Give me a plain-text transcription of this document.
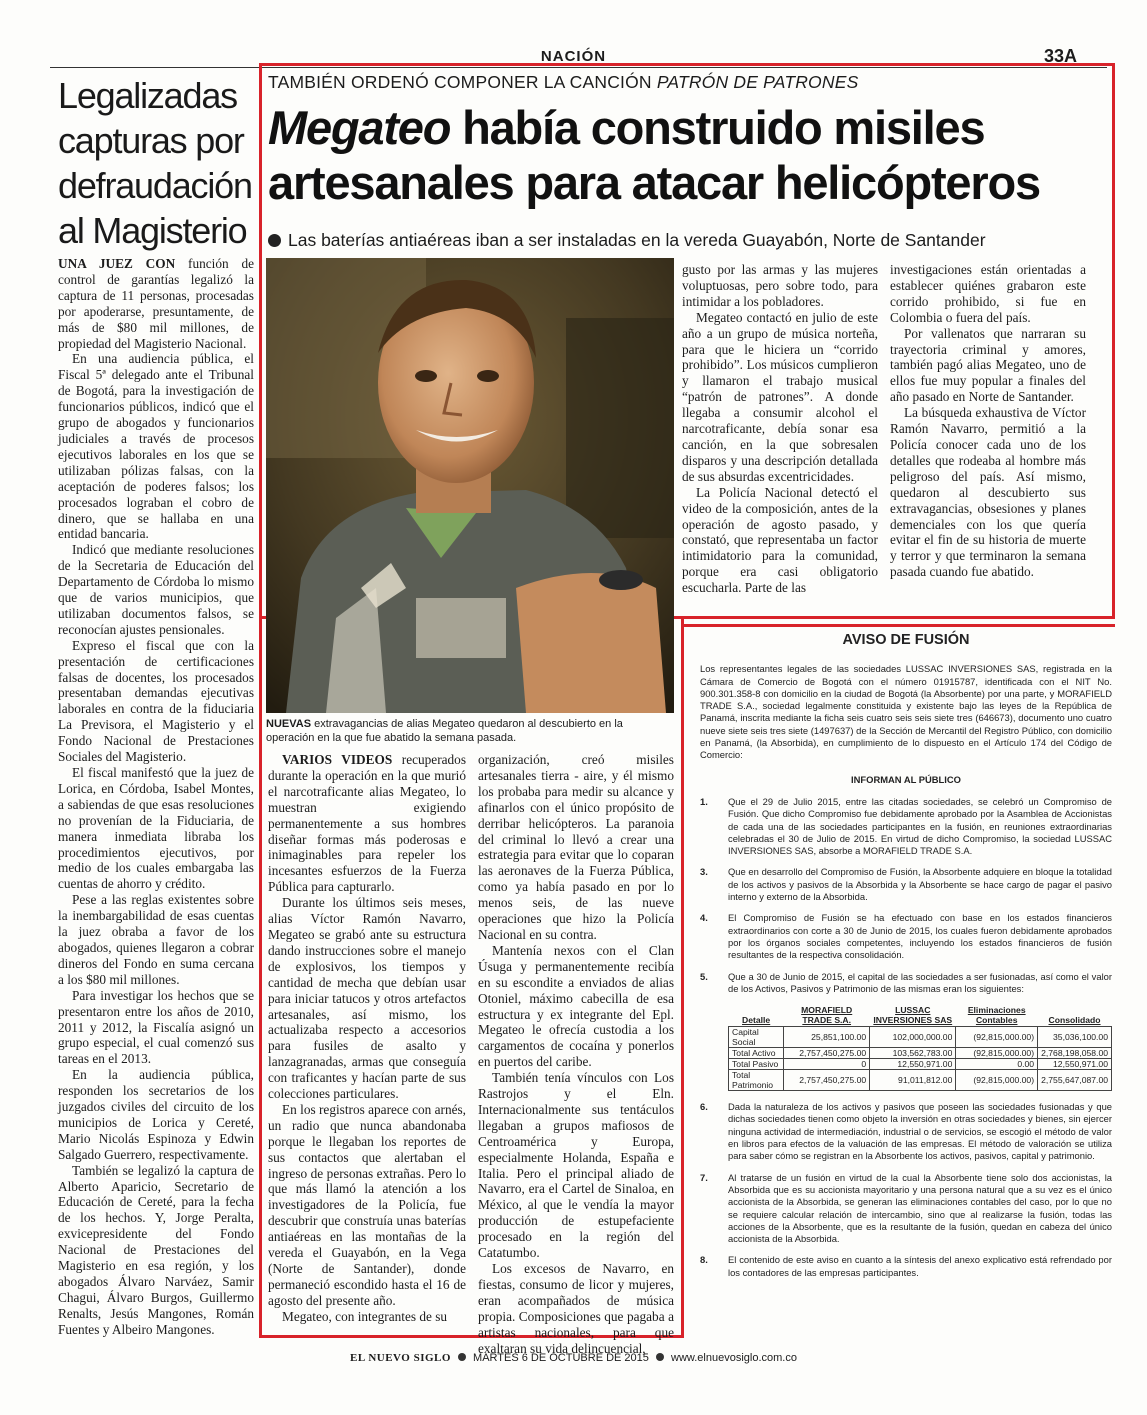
NACIÓN	33A
Legalizadas capturas por defraudación al Magisterio

UNA JUEZ CON función de control de garantías legalizó la captura de 11 personas, procesadas por apoderarse, presuntamente, de más de $80 mil millones, de propiedad del Magisterio Nacional.

En una audiencia pública, el Fiscal 5ª delegado ante el Tribunal de Bogotá, para la investigación de funcionarios públicos, indicó que el grupo de abogados y funcionarios judiciales a través de procesos ejecutivos laborales en los que se utilizaban pólizas falsas, con la aceptación de poderes falsos; los procesados lograban el cobro de dinero, que se hallaba en una entidad bancaria.

Indicó que mediante resoluciones de la Secretaria de Educación del Departamento de Córdoba lo mismo que de varios municipios, que utilizaban documentos falsos, se reconocían ajustes pensionales.

Expreso el fiscal que con la presentación de certificaciones falsas de docentes, los procesados presentaban demandas ejecutivas laborales en contra de la fiduciaria La Previsora, el Magisterio y el Fondo Nacional de Prestaciones Sociales del Magisterio.

El fiscal manifestó que la juez de Lorica, en Córdoba, Isabel Montes, a sabiendas de que esas resoluciones no provenían de la Fiduciaria, de manera inmediata libraba los procedimientos ejecutivos, por medio de los cuales embargaba las cuentas de ahorro y crédito.

Pese a las reglas existentes sobre la inembargabilidad de esas cuentas la juez obraba a favor de los abogados, quienes llegaron a cobrar dineros del Fondo en suma cercana a los $80 mil millones.

Para investigar los hechos que se presentaron entre los años de 2010, 2011 y 2012, la Fiscalía asignó un grupo especial, el cual comenzó sus tareas en el 2013.

En la audiencia pública, responden los secretarios de los juzgados civiles del circuito de los municipios de Lorica y Cereté, Mario Nicolás Espinoza y Edwin Salgado Guerrero, respectivamente.

También se legalizó la captura de Alberto Aparicio, Secretario de Educación de Cereté, para la fecha de los hechos. Y, Jorge Peralta, exvicepresidente del Fondo Nacional de Prestaciones del Magisterio en esa región, y los abogados Álvaro Narváez, Samir Chagui, Álvaro Burgos, Guillermo Renalts, Jesús Mangones, Román Fuentes y Albeiro Mangones.

TAMBIÉN ORDENÓ COMPONER LA CANCIÓN PATRÓN DE PATRONES
Megateo había construido misiles artesanales para atacar helicópteros
Las baterías antiaéreas iban a ser instaladas en la vereda Guayabón, Norte de Santander
NUEVAS extravagancias de alias Megateo quedaron al descubierto en la operación en la que fue abatido la semana pasada.

VARIOS VIDEOS recuperados durante la operación en la que murió el narcotraficante alias Megateo, lo muestran exigiendo permanentemente a sus hombres diseñar formas más poderosas e inimaginables para repeler los incesantes esfuerzos de la Fuerza Pública para capturarlo.

Durante los últimos seis meses, alias Víctor Ramón Navarro, Megateo se grabó ante su estructura dando instrucciones sobre el manejo de explosivos, los tiempos y cantidad de mecha que debían usar para iniciar tatucos y otros artefactos artesanales, así mismo, los actualizaba respecto a accesorios para fusiles de asalto y lanzagranadas, armas que conseguía con traficantes y hacían parte de sus colecciones particulares.

En los registros aparece con arnés, un radio que nunca abandonaba porque le llegaban los reportes de sus contactos que alertaban el ingreso de personas extrañas. Pero lo que más llamó la atención a los investigadores de la Policía, fue descubrir que construía unas baterías antiaéreas en las montañas de la vereda el Guayabón, en la Vega (Norte de Santander), donde permaneció escondido hasta el 16 de agosto del presente año.

Megateo, con integrantes de su

organización, creó misiles artesanales tierra - aire, y él mismo los probaba para medir su alcance y afinarlos con el único propósito de derribar helicópteros. La paranoia del criminal lo llevó a crear una estrategia para evitar que lo coparan las aeronaves de la Fuerza Pública, como ya había pasado en por lo menos seis, de las nueve operaciones que hizo la Policía Nacional en su contra.

Mantenía nexos con el Clan Úsuga y permanentemente recibía en su escondite a enviados de alias Otoniel, máximo cabecilla de esa estructura y ex integrante del Epl. Megateo le ofrecía custodia a los cargamentos de cocaína y ponerlos en puertos del caribe.

También tenía vínculos con Los Rastrojos y el Eln. Internacionalmente sus tentáculos llegaban a grupos mafiosos de Centroamérica y Europa, especialmente Holanda, España e Italia. Pero el principal aliado de Navarro, era el Cartel de Sinaloa, en México, al que le vendía la mayor producción de estupefaciente procesado en la región del Catatumbo.

Los excesos de Navarro, en fiestas, consumo de licor y mujeres, eran acompañados de música propia. Composiciones que pagaba a artistas nacionales, para que exaltaran su vida delincuencial,

gusto por las armas y las mujeres voluptuosas, pero sobre todo, para intimidar a los pobladores.

Megateo contactó en julio de este año a un grupo de música norteña, para que le hiciera un “corrido prohibido”. Los músicos cumplieron y llamaron el trabajo musical “patrón de patrones”. A donde llegaba a consumir alcohol el narcotraficante, debía sonar esa canción, en la que sobresalen disparos y una descripción detallada de sus absurdas excentricidades.

La Policía Nacional detectó el video de la composición, antes de la operación de agosto pasado, y constató, que representaba un factor intimidatorio para la comunidad, porque era casi obligatorio escucharla. Parte de las

investigaciones están orientadas a establecer quiénes grabaron este corrido prohibido, si fue en Colombia o fuera del país.

Por vallenatos que narraran su trayectoria criminal y amores, también pagó alias Megateo, uno de ellos fue muy popular a finales del año pasado en Norte de Santander.

La búsqueda exhaustiva de Víctor Ramón Navarro, permitió a la Policía conocer cada uno de los detalles que rodeaba al hombre más peligroso del país. Así mismo, quedaron al descubierto sus extravagancias, obsesiones y planes demenciales con los que quería evitar el fin de su historia de muerte y terror y que terminaron la semana pasada cuando fue abatido.

AVISO DE FUSIÓN
Los representantes legales de las sociedades LUSSAC INVERSIONES SAS, registrada en la Cámara de Comercio de Bogotá con el número 01915787, identificada con el NIT No. 900.301.358-8 con domicilio en la ciudad de Bogotá (la Absorbente) por una parte, y MORAFIELD TRADE S.A., sociedad legalmente constituida y existente bajo las leyes de la República de Panamá, inscrita mediante la ficha seis cuatro seis seis siete tres (646673), documento uno cuatro nueve siete seis tres siete (1497637) de la Sección de Mercantil del Registro Público, con domicilio en Panamá, (la Absorbida), en cumplimiento de lo dispuesto en el Artículo 174 del Código de Comercio:
INFORMAN AL PÚBLICO
1.	Que el 29 de Julio 2015, entre las citadas sociedades, se celebró un Compromiso de Fusión. Que dicho Compromiso fue debidamente aprobado por la Asamblea de Accionistas de cada una de las sociedades participantes en la fusión, en reuniones extraordinarias celebradas el 30 de Julio de 2015. En virtud de dicho Compromiso, la sociedad LUSSAC INVERSIONES SAS, absorbe a MORAFIELD TRADE S.A.
3.	Que en desarrollo del Compromiso de Fusión, la Absorbente adquiere en bloque la totalidad de los activos y pasivos de la Absorbida y la Absorbente se hace cargo de pagar el pasivo interno y externo de la Absorbida.
4.	El Compromiso de Fusión se ha efectuado con base en los estados financieros extraordinarios con corte a 30 de Junio de 2015, los cuales fueron debidamente aprobados por los órganos sociales competentes, incluyendo los estados financieros de fusión resultantes de la respectiva consolidación.
5.	Que a 30 de Junio de 2015, el capital de las sociedades a ser fusionadas, así como el valor de los Activos, Pasivos y Patrimonio de las mismas eran los siguientes:
Detalle	MORAFIELD TRADE S.A.	LUSSAC INVERSIONES SAS	Eliminaciones Contables	Consolidado
Capital Social	25,851,100.00	102,000,000.00	(92,815,000.00)	35,036,100.00
Total Activo	2,757,450,275.00	103,562,783.00	(92,815,000.00)	2,768,198,058.00
Total Pasivo	0	12,550,971.00	0.00	12,550,971.00
Total Patrimonio	2,757,450,275.00	91,011,812.00	(92,815,000.00)	2,755,647,087.00
6.	Dada la naturaleza de los activos y pasivos que poseen las sociedades fusionadas y que dichas sociedades tienen como objeto la inversión en otras sociedades y bienes, sin ejercer ninguna actividad de intermediación, industrial o de servicios, se escogió el método de valor en libros para efectos de la valuación de las empresas. El método de valoración se utiliza para saber cómo se registran en la Absorbente los activos, pasivos, capital y patrimonio.
7.	Al tratarse de un fusión en virtud de la cual la Absorbente tiene solo dos accionistas, la Absorbida que es su accionista mayoritario y una persona natural que a su vez es el único accionista de la Absorbida, se generan las eliminaciones contables del caso, por lo que no se requiere calcular relación de intercambio, sino que al realizarse la fusión, todas las acciones de la Absorbente, que es la resultante de la fusión, quedan en cabeza del único accionista de la Absorbida.
8.	El contenido de este aviso en cuanto a la síntesis del anexo explicativo está refrendado por los contadores de las empresas participantes.
EL NUEVO SIGLO MARTES 6 DE OCTUBRE DE 2015 www.elnuevosiglo.com.co
